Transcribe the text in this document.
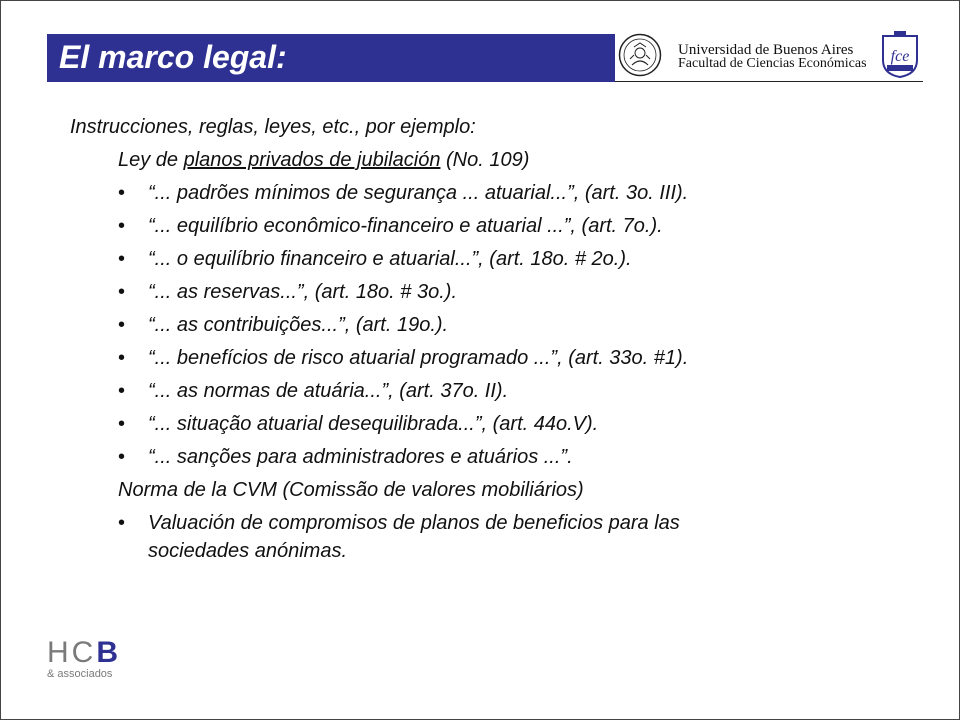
El marco legal:	Universidad de Buenos Aires
Facultad de Ciencias Económicas fce
Instrucciones, reglas, leyes, etc., por ejemplo:
Ley de planos privados de jubilación (No. 109)
• “... padrões mínimos de segurança ... atuarial...”, (art. 3o. III).
• “... equilíbrio econômico-financeiro e atuarial ...”, (art. 7o.).
• “... o equilíbrio financeiro e atuarial...”, (art. 18o. # 2o.).
• “... as reservas...”, (art. 18o. # 3o.).
• “... as contribuições...”, (art. 19o.).
• “... benefícios de risco atuarial programado ...”, (art. 33o. #1).
• “... as normas de atuária...”, (art. 37o. II).
• “... situação atuarial desequilibrada...”, (art. 44o.V).
• “... sanções para administradores e atuários ...”.
Norma de la CVM (Comissão de valores mobiliários)
• Valuación de compromisos de planos de beneficios para las
sociedades anónimas.
HCB
& associados
